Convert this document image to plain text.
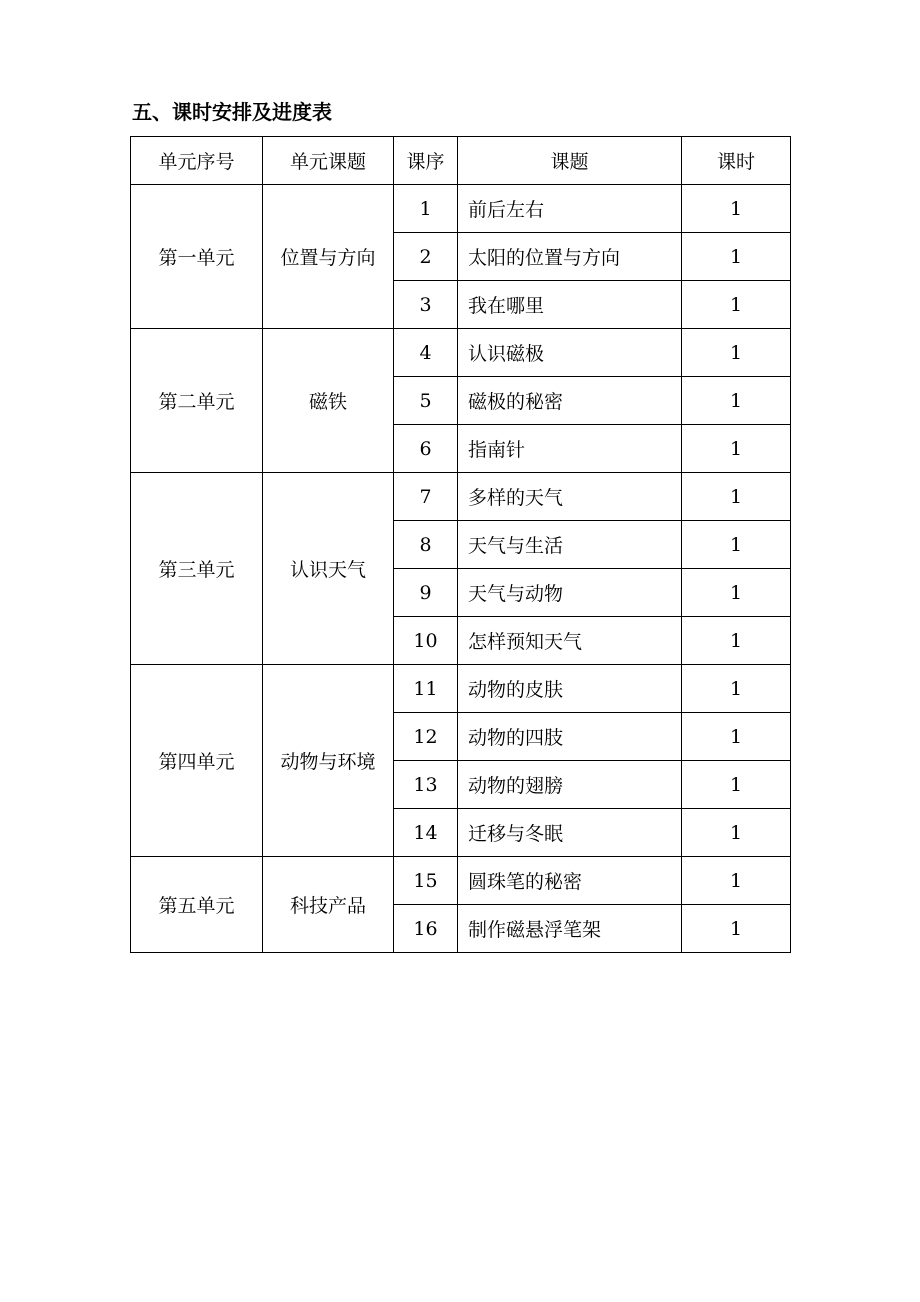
五、课时安排及进度表
单元序号	单元课题	课序	课题	课时
第一单元	位置与方向	1	前后左右	1
		2	太阳的位置与方向	1
		3	我在哪里	1
第二单元	磁铁	4	认识磁极	1
		5	磁极的秘密	1
		6	指南针	1
第三单元	认识天气	7	多样的天气	1
		8	天气与生活	1
		9	天气与动物	1
		10	怎样预知天气	1
第四单元	动物与环境	11	动物的皮肤	1
		12	动物的四肢	1
		13	动物的翅膀	1
		14	迁移与冬眠	1
第五单元	科技产品	15	圆珠笔的秘密	1
		16	制作磁悬浮笔架	1
